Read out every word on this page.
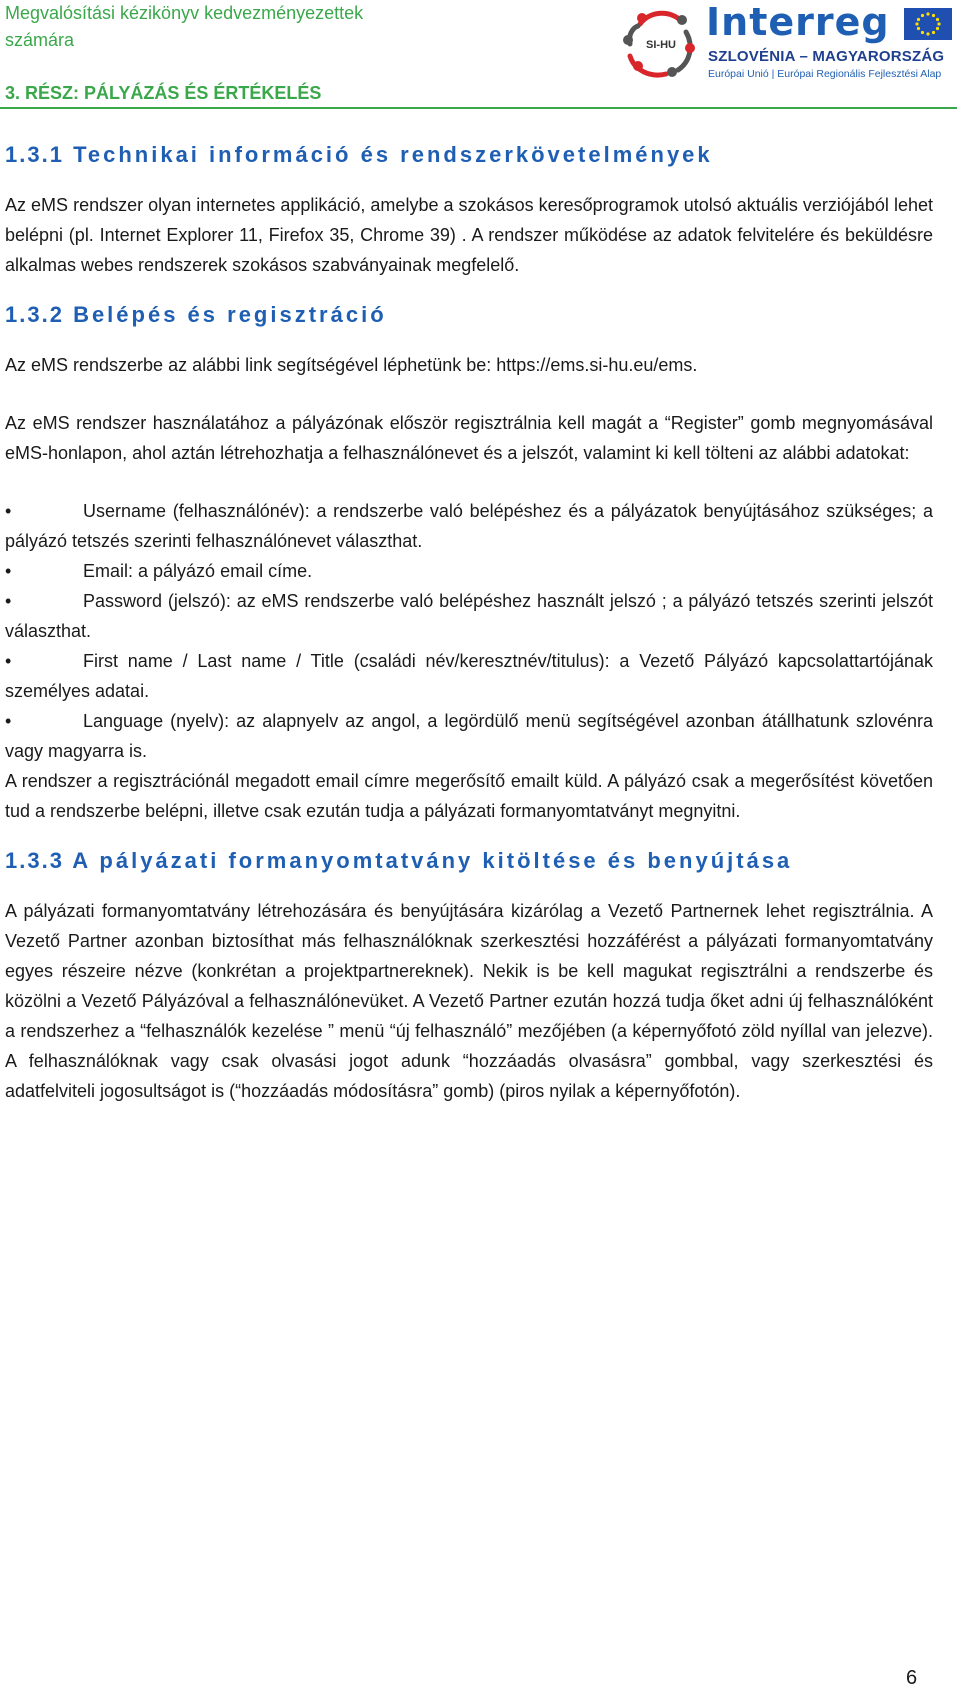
Megvalósítási kézikönyv kedvezményezettek számára
3. RÉSZ: PÁLYÁZÁS ÉS ÉRTÉKELÉS
SI-HU
Interreg
SZLOVÉNIA – MAGYARORSZÁG
Európai Unió | Európai Regionális Fejlesztési Alap
1.3.1 Technikai információ és rendszerkövetelmények

Az eMS rendszer olyan internetes applikáció, amelybe a szokásos keresőprogramok utolsó aktuális verziójából lehet belépni (pl. Internet Explorer 11, Firefox 35, Chrome 39) . A rendszer működése az adatok felvitelére és beküldésre alkalmas webes rendszerek szokásos szabványainak megfelelő.

1.3.2 Belépés és regisztráció

Az eMS rendszerbe az alábbi link segítségével léphetünk be: https://ems.si-hu.eu/ems.

Az eMS rendszer használatához a pályázónak először regisztrálnia kell magát a “Register” gomb megnyomásával eMS-honlapon, ahol aztán létrehozhatja a felhasználónevet és a jelszót, valamint ki kell tölteni az alábbi adatokat:

•	Username (felhasználónév): a rendszerbe való belépéshez és a pályázatok benyújtásához szükséges; a pályázó tetszés szerinti felhasználónevet választhat.

•	Email: a pályázó email címe.

•	Password (jelszó): az eMS rendszerbe való belépéshez használt jelszó ; a pályázó tetszés szerinti jelszót választhat.

•	First name / Last name / Title (családi név/keresztnév/titulus): a Vezető Pályázó kapcsolattartójának személyes adatai.

•	Language (nyelv): az alapnyelv az angol, a legördülő menü segítségével azonban átállhatunk szlovénra vagy magyarra is.

A rendszer a regisztrációnál megadott email címre megerősítő emailt küld. A pályázó csak a megerősítést követően tud a rendszerbe belépni, illetve csak ezután tudja a pályázati formanyomtatványt megnyitni.

1.3.3 A pályázati formanyomtatvány kitöltése és benyújtása

A pályázati formanyomtatvány létrehozására és benyújtására kizárólag a Vezető Partnernek lehet regisztrálnia. A Vezető Partner azonban biztosíthat más felhasználóknak szerkesztési hozzáférést a pályázati formanyomtatvány egyes részeire nézve (konkrétan a projektpartnereknek). Nekik is be kell magukat regisztrálni a rendszerbe és közölni a Vezető Pályázóval a felhasználónevüket. A Vezető Partner ezután hozzá tudja őket adni új felhasználóként a rendszerhez a “felhasználók kezelése ” menü “új felhasználó” mezőjében (a képernyőfotó zöld nyíllal van jelezve). A felhasználóknak vagy csak olvasási jogot adunk “hozzáadás olvasásra” gombbal, vagy szerkesztési és adatfelviteli jogosultságot is (“hozzáadás módosításra” gomb) (piros nyilak a képernyőfotón).

6
